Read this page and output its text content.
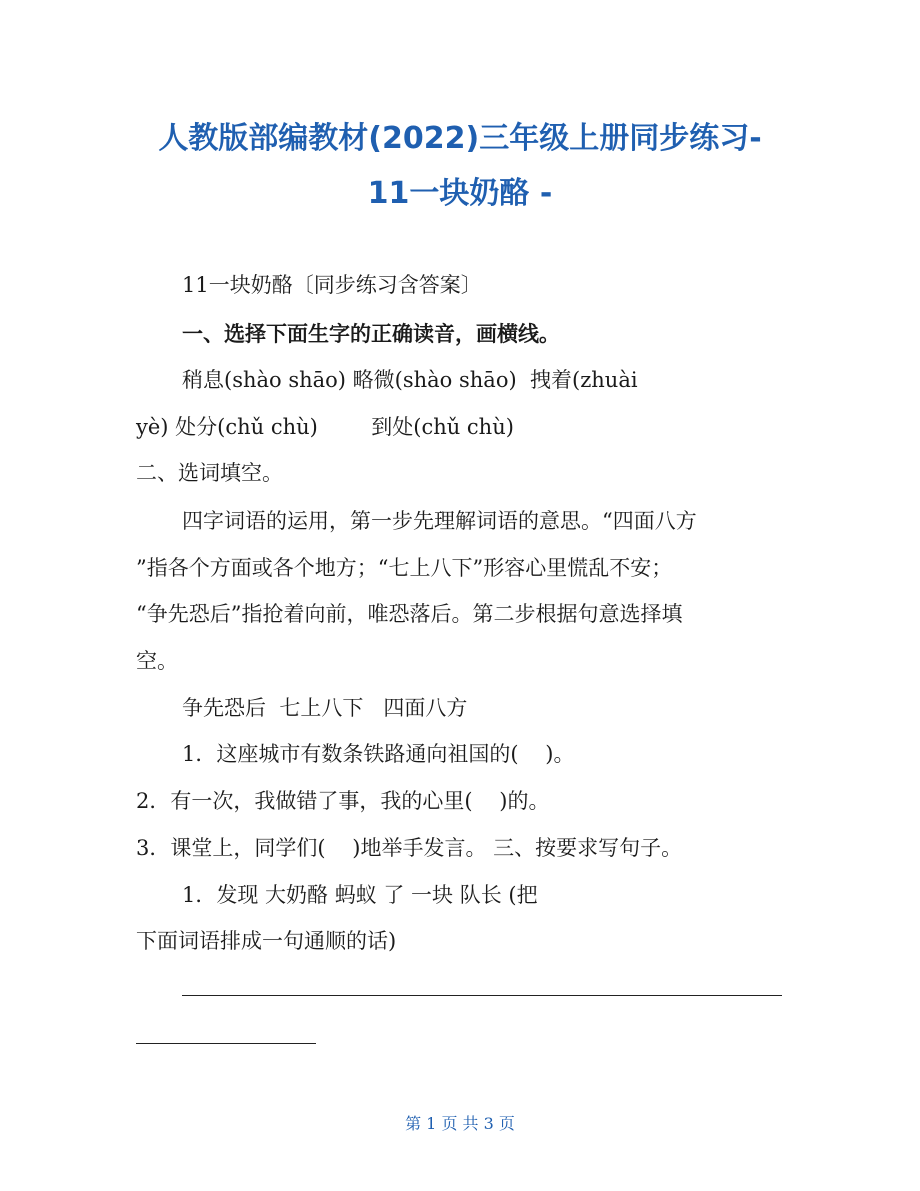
人教版部编教材(2022)三年级上册同步练习-
11一块奶酪 -
11一块奶酪〔同步练习含答案〕
一、选择下面生字的正确读音，画横线。
稍息(shào shāo) 略微(shào shāo)  拽着(zhuài
yè) 处分(chǔ chù)        到处(chǔ chù)
二、选词填空。
四字词语的运用，第一步先理解词语的意思。“四面八方
”指各个方面或各个地方；“七上八下”形容心里慌乱不安；
“争先恐后”指抢着向前，唯恐落后。第二步根据句意选择填
空。
争先恐后  七上八下   四面八方
1．这座城市有数条铁路通向祖国的(    )。
2．有一次，我做错了事，我的心里(    )的。
3．课堂上，同学们(    )地举手发言。 三、按要求写句子。
1．发现 大奶酪 蚂蚁 了 一块 队长 (把
下面词语排成一句通顺的话)
第 1 页 共 3 页
